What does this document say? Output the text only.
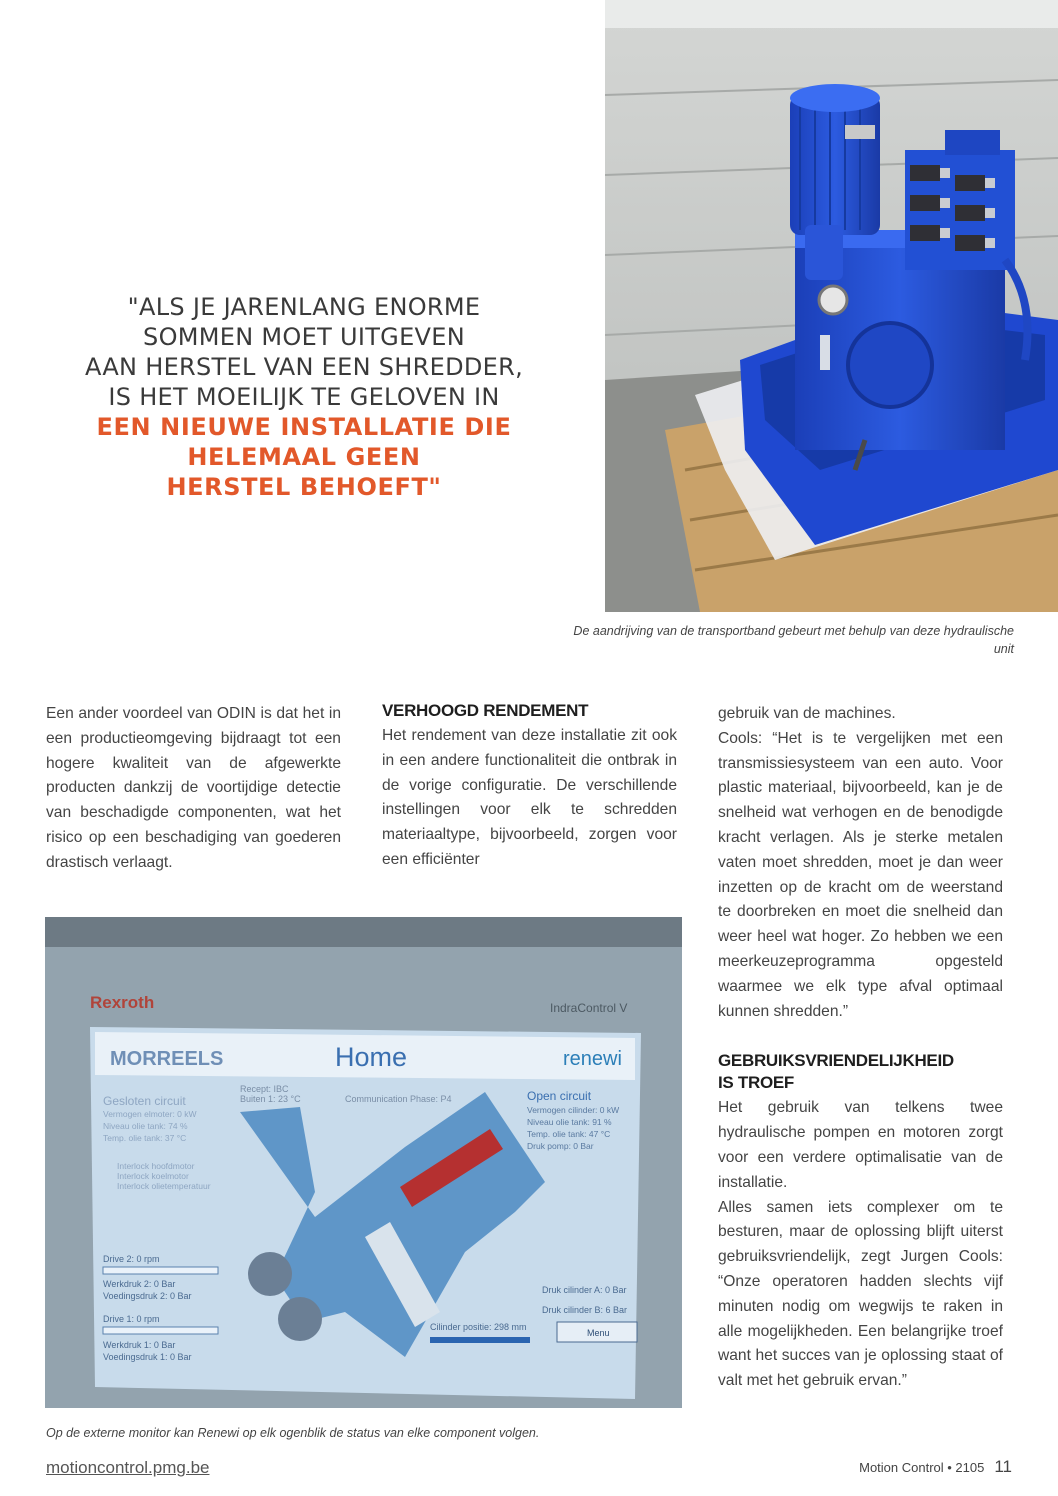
"ALS JE JARENLANG ENORME
SOMMEN MOET UITGEVEN
AAN HERSTEL VAN EEN SHREDDER,
IS HET MOEILIJK TE GELOVEN IN
EEN NIEUWE INSTALLATIE DIE
HELEMAAL GEEN
HERSTEL BEHOEFT"
De aandrijving van de transportband gebeurt met behulp van deze hydraulische unit

Een ander voordeel van ODIN is dat het in een productieomgeving bijdraagt tot een hogere kwaliteit van de afgewerkte producten dankzij de voortijdige detectie van beschadigde componenten, wat het risico op een beschadiging van goederen drastisch verlaagt.

VERHOOGD RENDEMENT

Het rendement van deze installatie zit ook in een andere functionaliteit die ontbrak in de vorige configuratie. De verschillende instellingen voor elk te schredden materiaaltype, bijvoorbeeld, zorgen voor een efficiënter

gebruik van de machines.

Cools: “Het is te vergelijken met een transmissiesysteem van een auto. Voor plastic materiaal, bijvoorbeeld, kan je de snelheid wat verhogen en de benodigde kracht verlagen. Als je sterke metalen vaten moet shredden, moet je dan weer inzetten op de kracht om de weerstand te doorbreken en moet die snelheid dan weer heel wat hoger. Zo hebben we een meerkeuzeprogramma opgesteld waarmee we elk type afval optimaal kunnen shredden.”

GEBRUIKSVRIENDELIJKHEID IS TROEF

Het gebruik van telkens twee hydraulische pompen en motoren zorgt voor een verdere optimalisatie van de installatie.

Alles samen iets complexer om te besturen, maar de oplossing blijft uiterst gebruiksvriendelijk, zegt Jurgen Cools: “Onze operatoren hadden slechts vijf minuten nodig om wegwijs te raken in alle mogelijkheden. Een belangrijke troef want het succes van je oplossing staat of valt met het gebruik ervan.”

Rexroth	IndraControl V
MORREELS	Home	renewi
Recept: IBC
Buiten 1: 23 °C	Communication Phase: P4
Gesloten circuit
Vermogen elmoter: 0 kW
Niveau olie tank: 74 %
Temp. olie tank: 37 °C
Interlock hoofdmotor
Interlock koelmotor
Interlock olietemperatuur
Open circuit
Vermogen cilinder: 0 kW
Niveau olie tank: 91 %
Temp. olie tank: 47 °C
Druk pomp: 0 Bar
Drive 2: 0 rpm
Werkdruk 2: 0 Bar
Voedingsdruk 2: 0 Bar
Drive 1: 0 rpm
Werkdruk 1: 0 Bar
Voedingsdruk 1: 0 Bar
Druk cilinder A: 0 Bar
Druk cilinder B: 6 Bar
Cilinder positie: 298 mm
Menu
Op de externe monitor kan Renewi op elk ogenblik de status van elke component volgen.
motioncontrol.pmg.be	Motion Control • 2105 11
